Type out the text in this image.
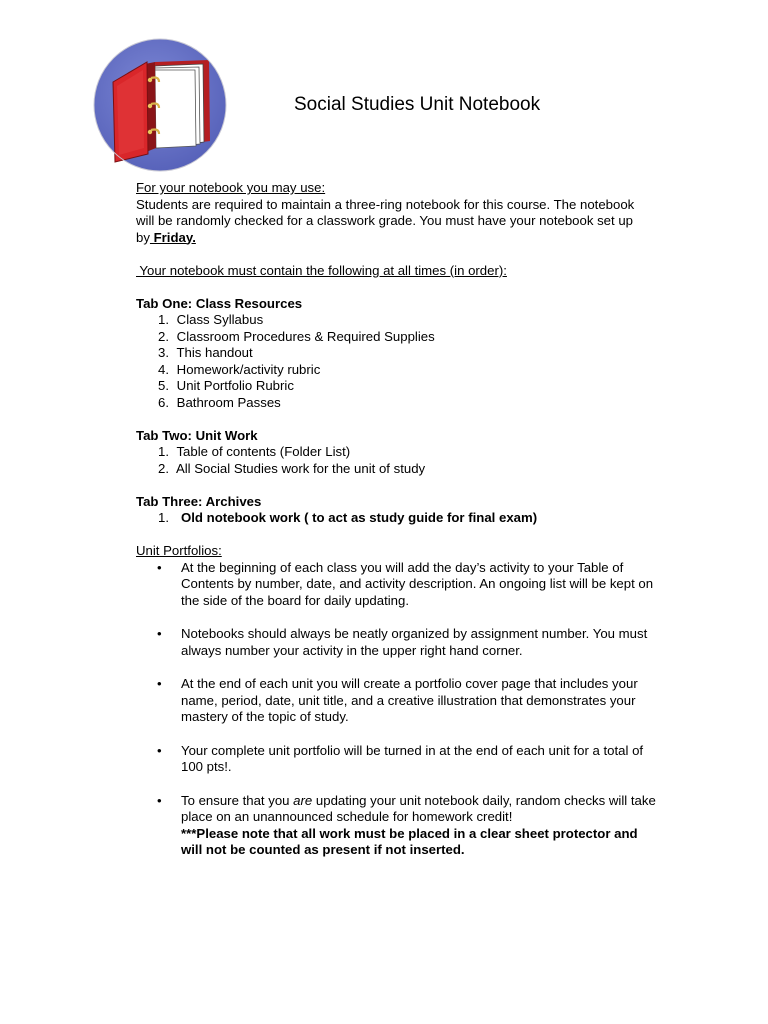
Social Studies Unit Notebook

For your notebook you may use:

Students are required to maintain a three-ring notebook for this course. The notebook will be randomly checked for a classwork grade. You must have your notebook set up by Friday.

Your notebook must contain the following at all times (in order):

Tab One: Class Resources

1. Class Syllabus
2. Classroom Procedures & Required Supplies
3. This handout
4. Homework/activity rubric
5. Unit Portfolio Rubric
6. Bathroom Passes

Tab Two: Unit Work

1. Table of contents (Folder List)
2. All Social Studies work for the unit of study

Tab Three: Archives

1. Old notebook work ( to act as study guide for final exam)

Unit Portfolios:

• At the beginning of each class you will add the day’s activity to your Table of Contents by number, date, and activity description. An ongoing list will be kept on the side of the board for daily updating.
• Notebooks should always be neatly organized by assignment number. You must always number your activity in the upper right hand corner.
• At the end of each unit you will create a portfolio cover page that includes your name, period, date, unit title, and a creative illustration that demonstrates your mastery of the topic of study.
• Your complete unit portfolio will be turned in at the end of each unit for a total of 100 pts!.
• To ensure that you are updating your unit notebook daily, random checks will take place on an unannounced schedule for homework credit!
***Please note that all work must be placed in a clear sheet protector and will not be counted as present if not inserted.
